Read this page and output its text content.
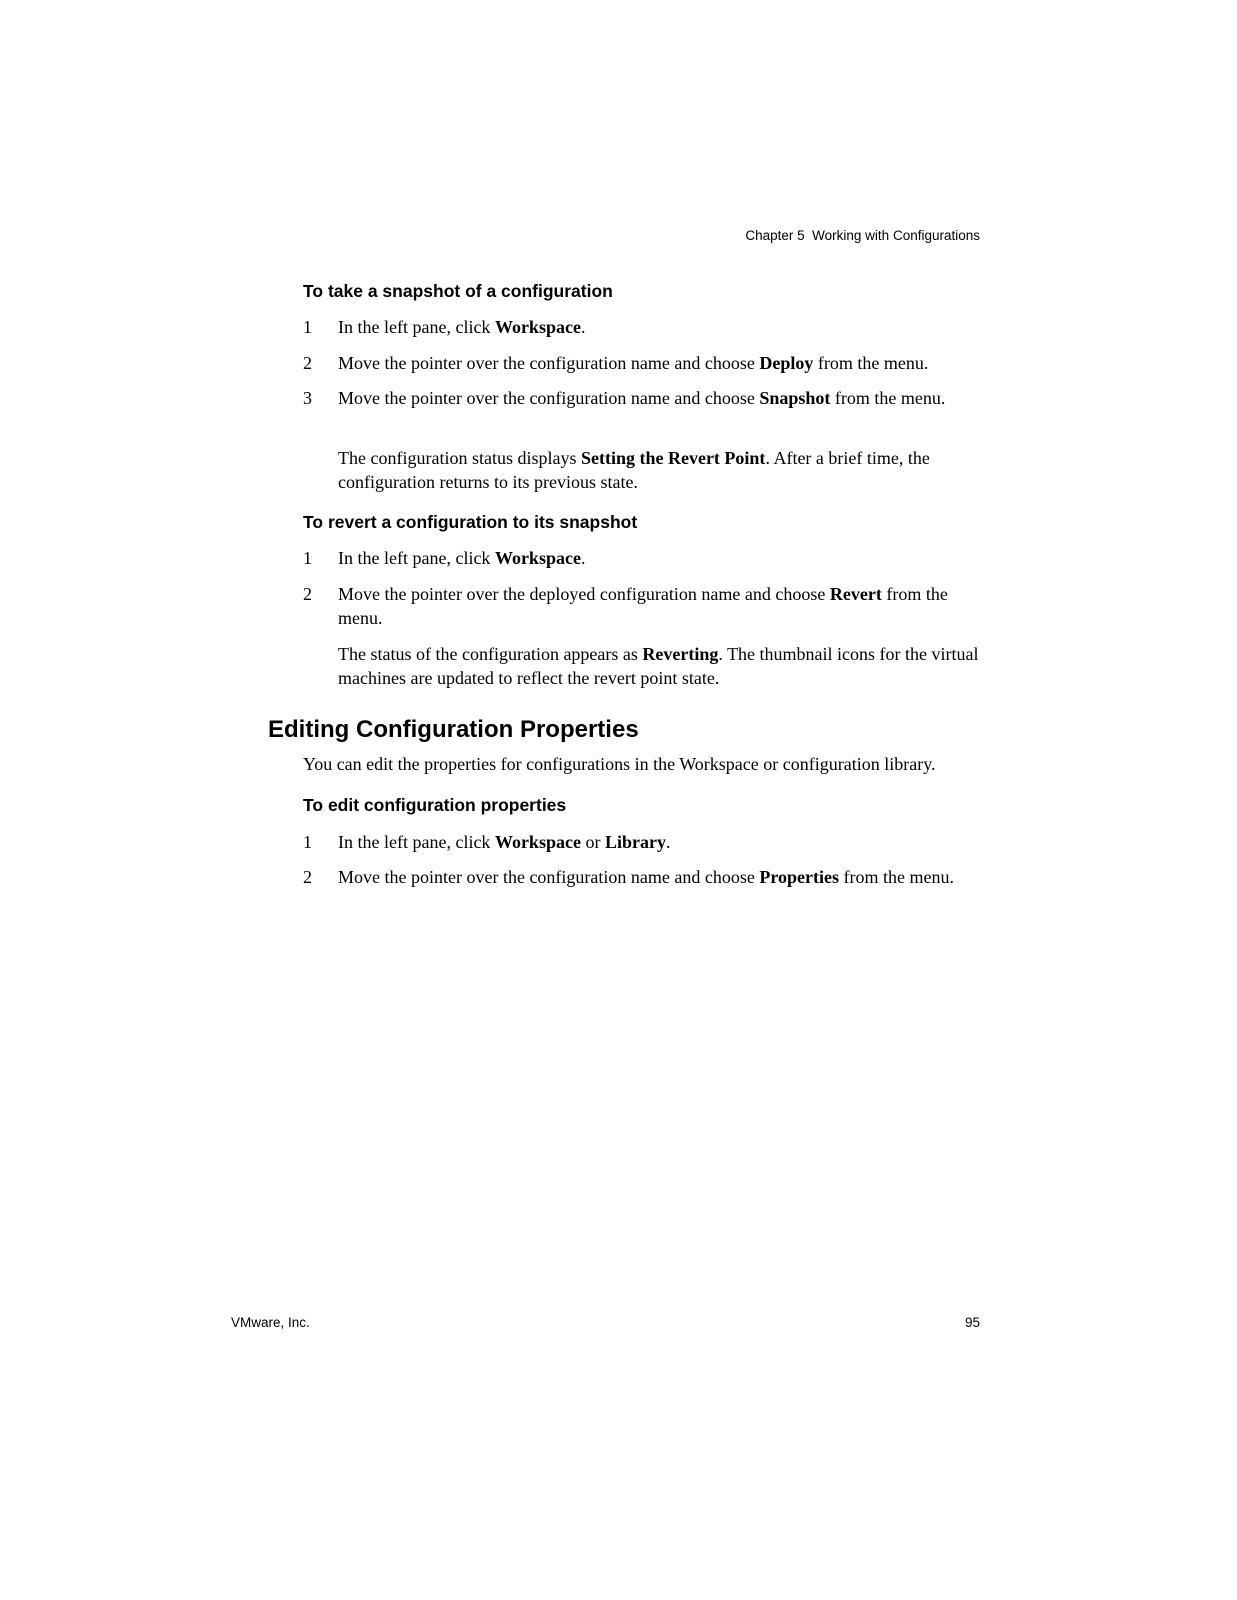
Chapter 5  Working with Configurations
To take a snapshot of a configuration
1 In the left pane, click Workspace.
2 Move the pointer over the configuration name and choose Deploy from the menu.
3 Move the pointer over the configuration name and choose Snapshot from the menu.
The configuration status displays Setting the Revert Point. After a brief time, the configuration returns to its previous state.
To revert a configuration to its snapshot
1 In the left pane, click Workspace.
2 Move the pointer over the deployed configuration name and choose Revert from the menu.
The status of the configuration appears as Reverting. The thumbnail icons for the virtual machines are updated to reflect the revert point state.
Editing Configuration Properties
You can edit the properties for configurations in the Workspace or configuration library.
To edit configuration properties
1 In the left pane, click Workspace or Library.
2 Move the pointer over the configuration name and choose Properties from the menu.
VMware, Inc.	95
